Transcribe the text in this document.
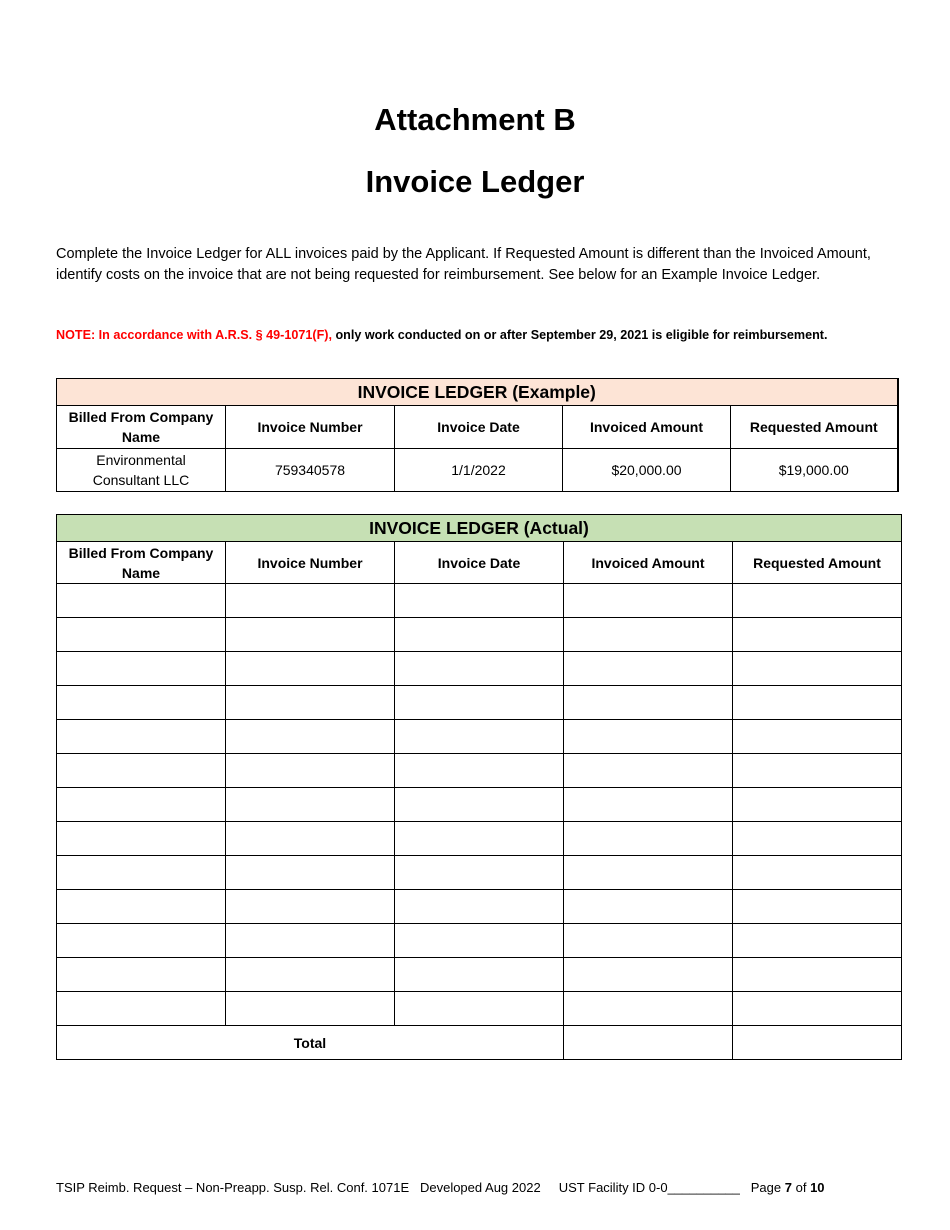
Attachment B
Invoice Ledger
Complete the Invoice Ledger for ALL invoices paid by the Applicant. If Requested Amount is different than the Invoiced Amount, identify costs on the invoice that are not being requested for reimbursement. See below for an Example Invoice Ledger.
NOTE: In accordance with A.R.S. § 49-1071(F), only work conducted on or after September 29, 2021 is eligible for reimbursement.
INVOICE LEDGER (Example)				
Billed From Company Name	Invoice Number	Invoice Date	Invoiced Amount	Requested Amount
Environmental Consultant LLC	759340578	1/1/2022	$20,000.00	$19,000.00
INVOICE LEDGER (Actual)				
Billed From Company Name	Invoice Number	Invoice Date	Invoiced Amount	Requested Amount

Total				
TSIP Reimb. Request – Non-Preapp. Susp. Rel. Conf. 1071E Developed Aug 2022 UST Facility ID 0-0__________ Page 7 of 10
